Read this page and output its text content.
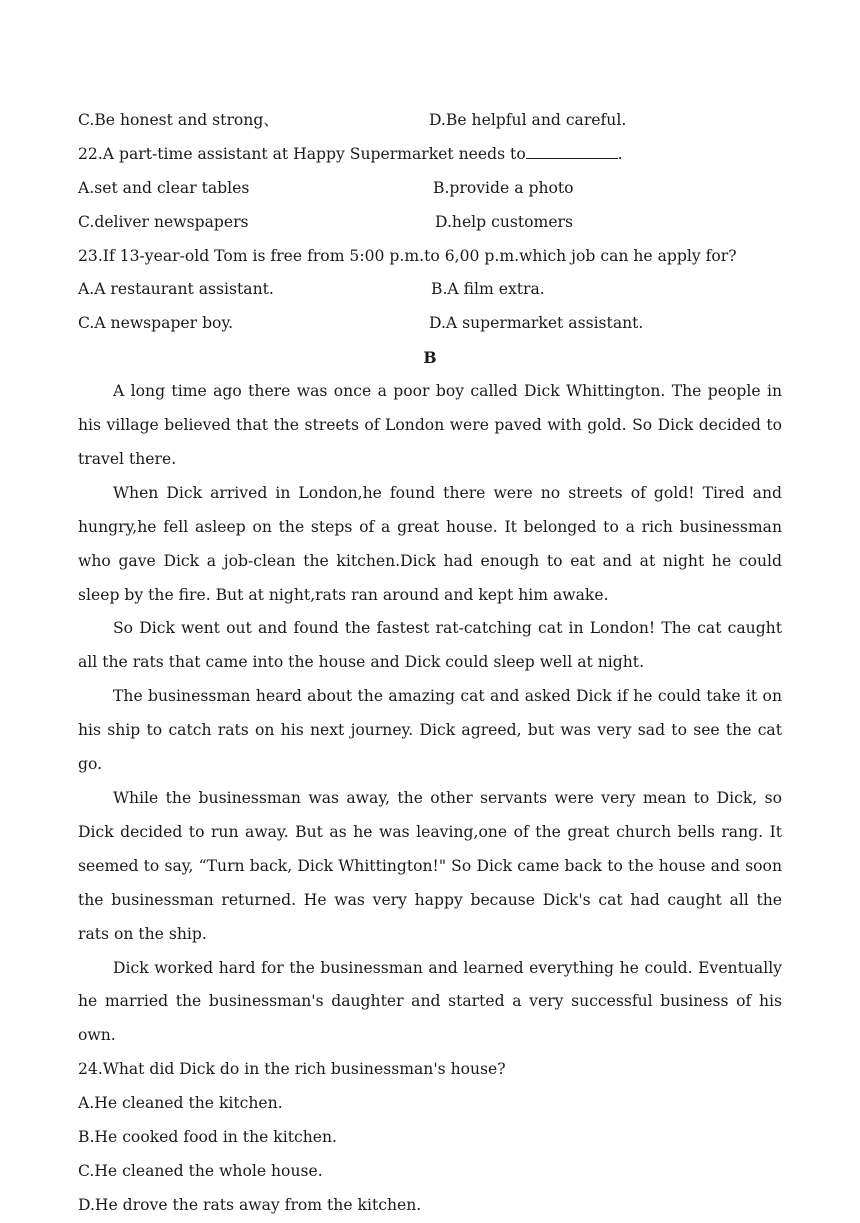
C.Be honest and strong、	D.Be helpful and careful.
22.A part-time assistant at Happy Supermarket needs to	.
A.set and clear tables	B.provide a photo
C.deliver newspapers	D.help customers
23.If 13-year-old Tom is free from 5:00 p.m.to 6,00 p.m.which job can he apply for?
A.A restaurant assistant.	B.A film extra.
C.A newspaper boy.	D.A supermarket assistant.
B
A long time ago there was once a poor boy called Dick Whittington. The people in his village believed that the streets of London were paved with gold. So Dick decided to travel there.
When Dick arrived in London,he found there were no streets of gold! Tired and hungry,he fell asleep on the steps of a great house. It belonged to a rich businessman who gave Dick a job-clean the kitchen.Dick had enough to eat and at night he could sleep by the fire. But at night,rats ran around and kept him awake.
So Dick went out and found the fastest rat-catching cat in London! The cat caught all the rats that came into the house and Dick could sleep well at night.
The businessman heard about the amazing cat and asked Dick if he could take it on his ship to catch rats on his next journey. Dick agreed, but was very sad to see the cat go.
While the businessman was away, the other servants were very mean to Dick, so Dick decided to run away. But as he was leaving,one of the great church bells rang. It seemed to say, “Turn back, Dick Whittington!" So Dick came back to the house and soon the businessman returned. He was very happy because Dick's cat had caught all the rats on the ship.
Dick worked hard for the businessman and learned everything he could. Eventually he married the businessman's daughter and started a very successful business of his own.
24.What did Dick do in the rich businessman's house?
A.He cleaned the kitchen.
B.He cooked food in the kitchen.
C.He cleaned the whole house.
D.He drove the rats away from the kitchen.
